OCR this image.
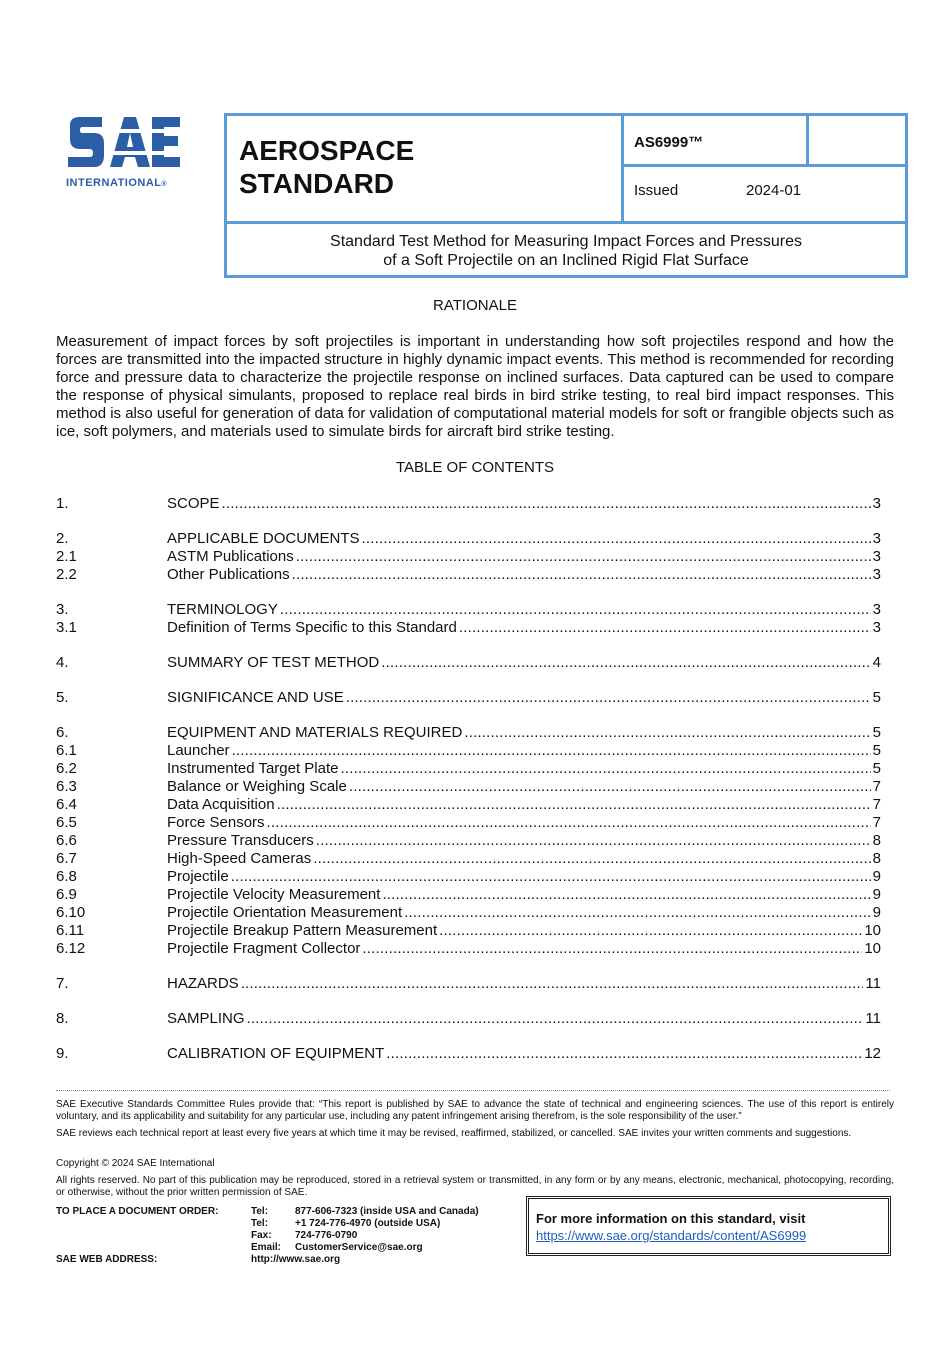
INTERNATIONAL®
AEROSPACE
STANDARD
AS6999™
Issued	2024-01
Standard Test Method for Measuring Impact Forces and Pressures
of a Soft Projectile on an Inclined Rigid Flat Surface
RATIONALE
Measurement of impact forces by soft projectiles is important in understanding how soft projectiles respond and how the forces are transmitted into the impacted structure in highly dynamic impact events. This method is recommended for recording force and pressure data to characterize the projectile response on inclined surfaces. Data captured can be used to compare the response of physical simulants, proposed to replace real birds in bird strike testing, to real bird impact responses. This method is also useful for generation of data for validation of computational material models for soft or frangible objects such as ice, soft polymers, and materials used to simulate birds for aircraft bird strike testing.
TABLE OF CONTENTS
1.	SCOPE .....	3
2.	APPLICABLE DOCUMENTS .....	3
2.1	ASTM Publications .....	3
2.2	Other Publications .....	3
3.	TERMINOLOGY .....	3
3.1	Definition of Terms Specific to this Standard .....	3
4.	SUMMARY OF TEST METHOD .....	4
5.	SIGNIFICANCE AND USE .....	5
6.	EQUIPMENT AND MATERIALS REQUIRED .....	5
6.1	Launcher .....	5
6.2	Instrumented Target Plate .....	5
6.3	Balance or Weighing Scale .....	7
6.4	Data Acquisition .....	7
6.5	Force Sensors .....	7
6.6	Pressure Transducers .....	8
6.7	High-Speed Cameras .....	8
6.8	Projectile .....	9
6.9	Projectile Velocity Measurement .....	9
6.10	Projectile Orientation Measurement .....	9
6.11	Projectile Breakup Pattern Measurement .....	10
6.12	Projectile Fragment Collector .....	10
7.	HAZARDS .....	11
8.	SAMPLING .....	11
9.	CALIBRATION OF EQUIPMENT .....	12
SAE Executive Standards Committee Rules provide that: “This report is published by SAE to advance the state of technical and engineering sciences. The use of this report is entirely voluntary, and its applicability and suitability for any particular use, including any patent infringement arising therefrom, is the sole responsibility of the user.”
SAE reviews each technical report at least every five years at which time it may be revised, reaffirmed, stabilized, or cancelled. SAE invites your written comments and suggestions.
Copyright © 2024 SAE International
All rights reserved. No part of this publication may be reproduced, stored in a retrieval system or transmitted, in any form or by any means, electronic, mechanical, photocopying, recording, or otherwise, without the prior written permission of SAE.
TO PLACE A DOCUMENT ORDER:	Tel:	877-606-7323 (inside USA and Canada)
Tel:	+1 724-776-4970 (outside USA)
Fax: 724-776-0790
Email: CustomerService@sae.org
SAE WEB ADDRESS:	http://www.sae.org
For more information on this standard, visit
https://www.sae.org/standards/content/AS6999
